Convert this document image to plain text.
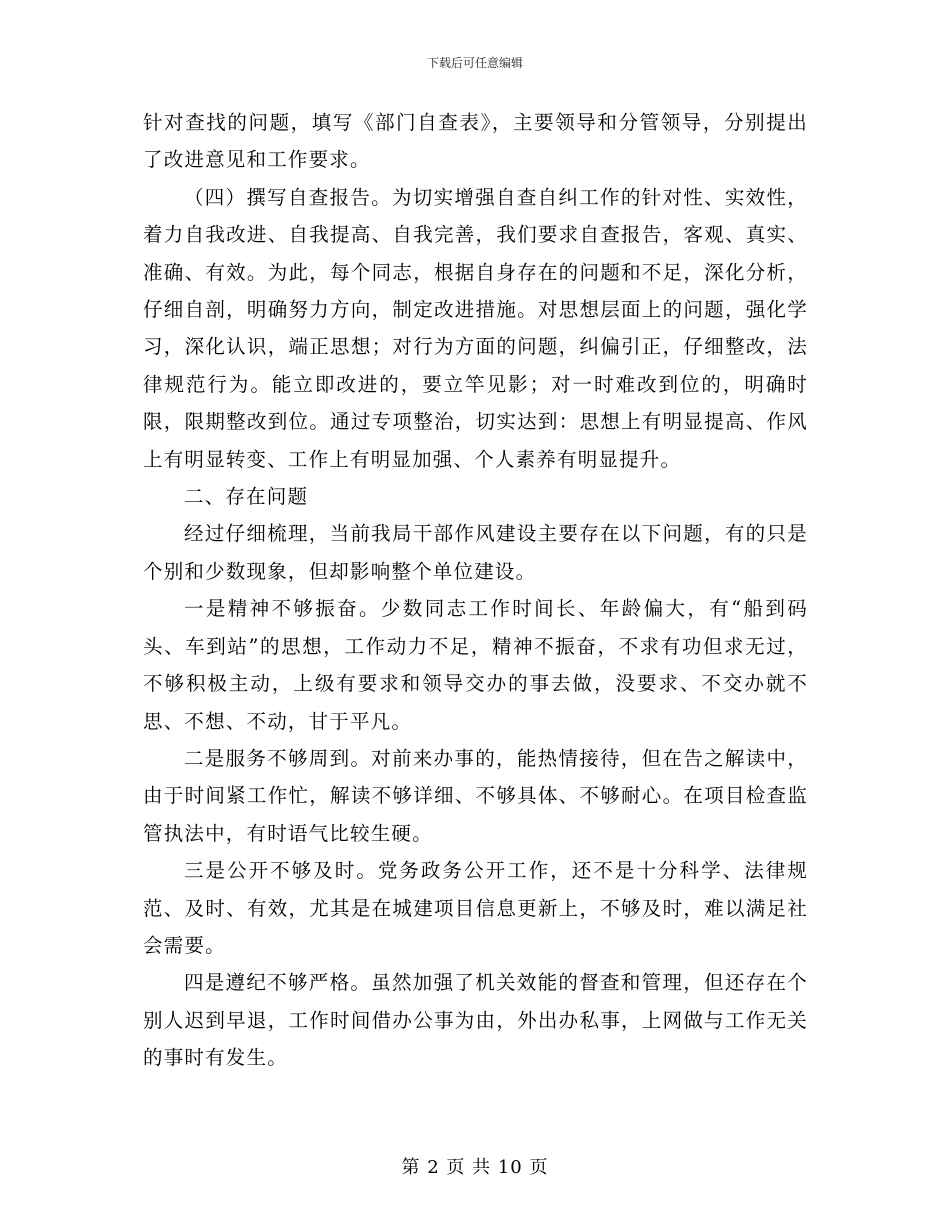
下载后可任意编辑

针对查找的问题，填写《部门自查表》，主要领导和分管领导，分别提出了改进意见和工作要求。

（四）撰写自查报告。为切实增强自查自纠工作的针对性、实效性，着力自我改进、自我提高、自我完善，我们要求自查报告，客观、真实、准确、有效。为此，每个同志，根据自身存在的问题和不足，深化分析，仔细自剖，明确努力方向，制定改进措施。对思想层面上的问题，强化学习，深化认识，端正思想；对行为方面的问题，纠偏引正，仔细整改，法律规范行为。能立即改进的，要立竿见影；对一时难改到位的，明确时限，限期整改到位。通过专项整治，切实达到：思想上有明显提高、作风上有明显转变、工作上有明显加强、个人素养有明显提升。

二、存在问题

经过仔细梳理，当前我局干部作风建设主要存在以下问题，有的只是个别和少数现象，但却影响整个单位建设。

一是精神不够振奋。少数同志工作时间长、年龄偏大，有“船到码头、车到站”的思想，工作动力不足，精神不振奋，不求有功但求无过，不够积极主动，上级有要求和领导交办的事去做，没要求、不交办就不思、不想、不动，甘于平凡。

二是服务不够周到。对前来办事的，能热情接待，但在告之解读中，由于时间紧工作忙，解读不够详细、不够具体、不够耐心。在项目检查监管执法中，有时语气比较生硬。

三是公开不够及时。党务政务公开工作，还不是十分科学、法律规范、及时、有效，尤其是在城建项目信息更新上，不够及时，难以满足社会需要。

四是遵纪不够严格。虽然加强了机关效能的督查和管理，但还存在个别人迟到早退，工作时间借办公事为由，外出办私事，上网做与工作无关的事时有发生。

第 2 页 共 10 页
